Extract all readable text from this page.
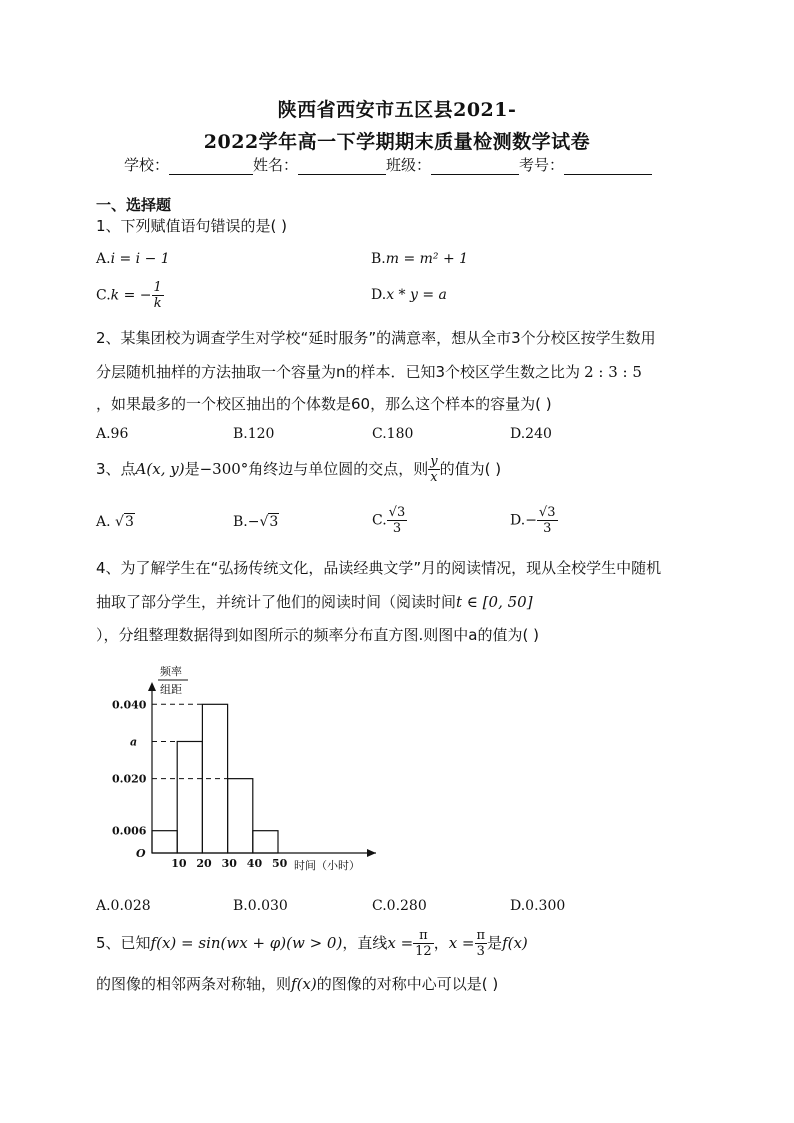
陕西省西安市五区县2021-
2022学年高一下学期期末质量检测数学试卷
学校：	姓名：	班级：	考号：
一、选择题
1、下列赋值语句错误的是( )
A.i = i − 1	B.m = m² + 1
C.k = − $\frac{1}{k}$	D.x * y = a
2、某集团校为调查学生对学校“延时服务”的满意率，想从全市3个分校区按学生数用
分层随机抽样的方法抽取一个容量为n的样本．已知3个校区学生数之比为 2 : 3 : 5
，如果最多的一个校区抽出的个体数是60，那么这个样本的容量为( )
A.96	B.120	C.180	D.240
3、点A(x, y)是−300°角终边与单位圆的交点，则 $\frac{y}{x}$ 的值为( )
A. √3	B.−√3	C. $\frac{√3}{3}$	$D.- \frac{√3}{3}$
4、为了解学生在“弘扬传统文化，品读经典文学”月的阅读情况，现从全校学生中随机
抽取了部分学生，并统计了他们的阅读时间（阅读时间t ∈ [0, 50]
），分组整理数据得到如图所示的频率分布直方图.则图中a的值为( )
0.040
a
0.020
0.006
10 20 30 40 50
O
时间（小时）
频率
组距
A.0.028	B.0.030	C.0.280	D.0.300
5、已知f(x) = sin(wx + φ)(w > 0)，直线$x = \frac{\pi}{12}$ ，$x = \frac{\pi}{3}$ 是f(x)
的图像的相邻两条对称轴，则f(x)的图像的对称中心可以是( )
